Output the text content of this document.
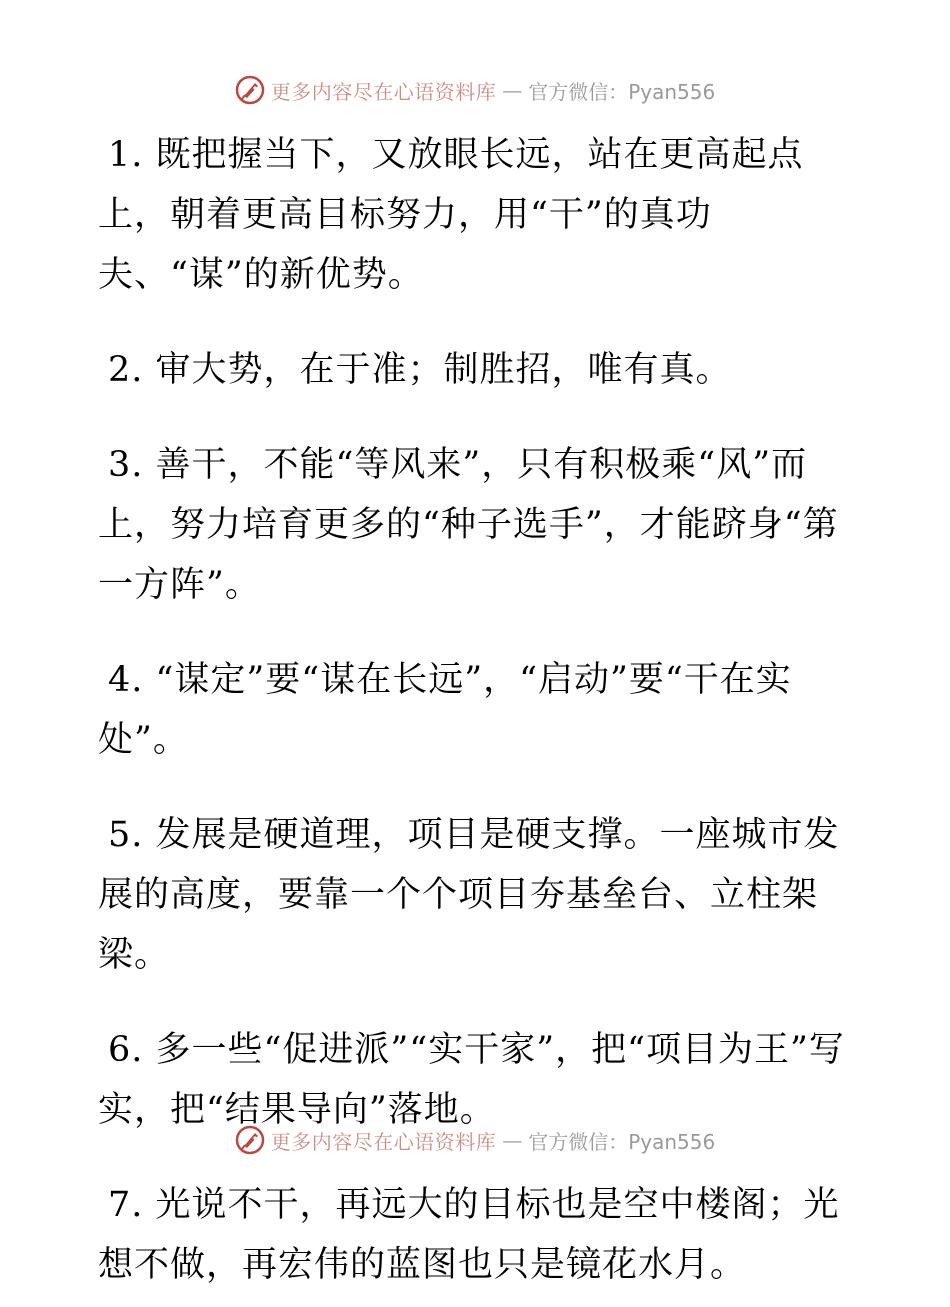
更多内容尽在心语资料库 — 官方微信：Pyan556

1. 既把握当下，又放眼长远，站在更高起点上，朝着更高目标努力，用“干”的真功夫、“谋”的新优势。

2. 审大势，在于准；制胜招，唯有真。

3. 善干，不能“等风来”，只有积极乘“风”而上，努力培育更多的“种子选手”，才能跻身“第一方阵”。

4. “谋定”要“谋在长远”，“启动”要“干在实处”。

5. 发展是硬道理，项目是硬支撑。一座城市发展的高度，要靠一个个项目夯基垒台、立柱架梁。

6. 多一些“促进派”“实干家”，把“项目为王”写实，把“结果导向”落地。

7. 光说不干，再远大的目标也是空中楼阁；光想不做，再宏伟的蓝图也只是镜花水月。

更多内容尽在心语资料库 — 官方微信：Pyan556
